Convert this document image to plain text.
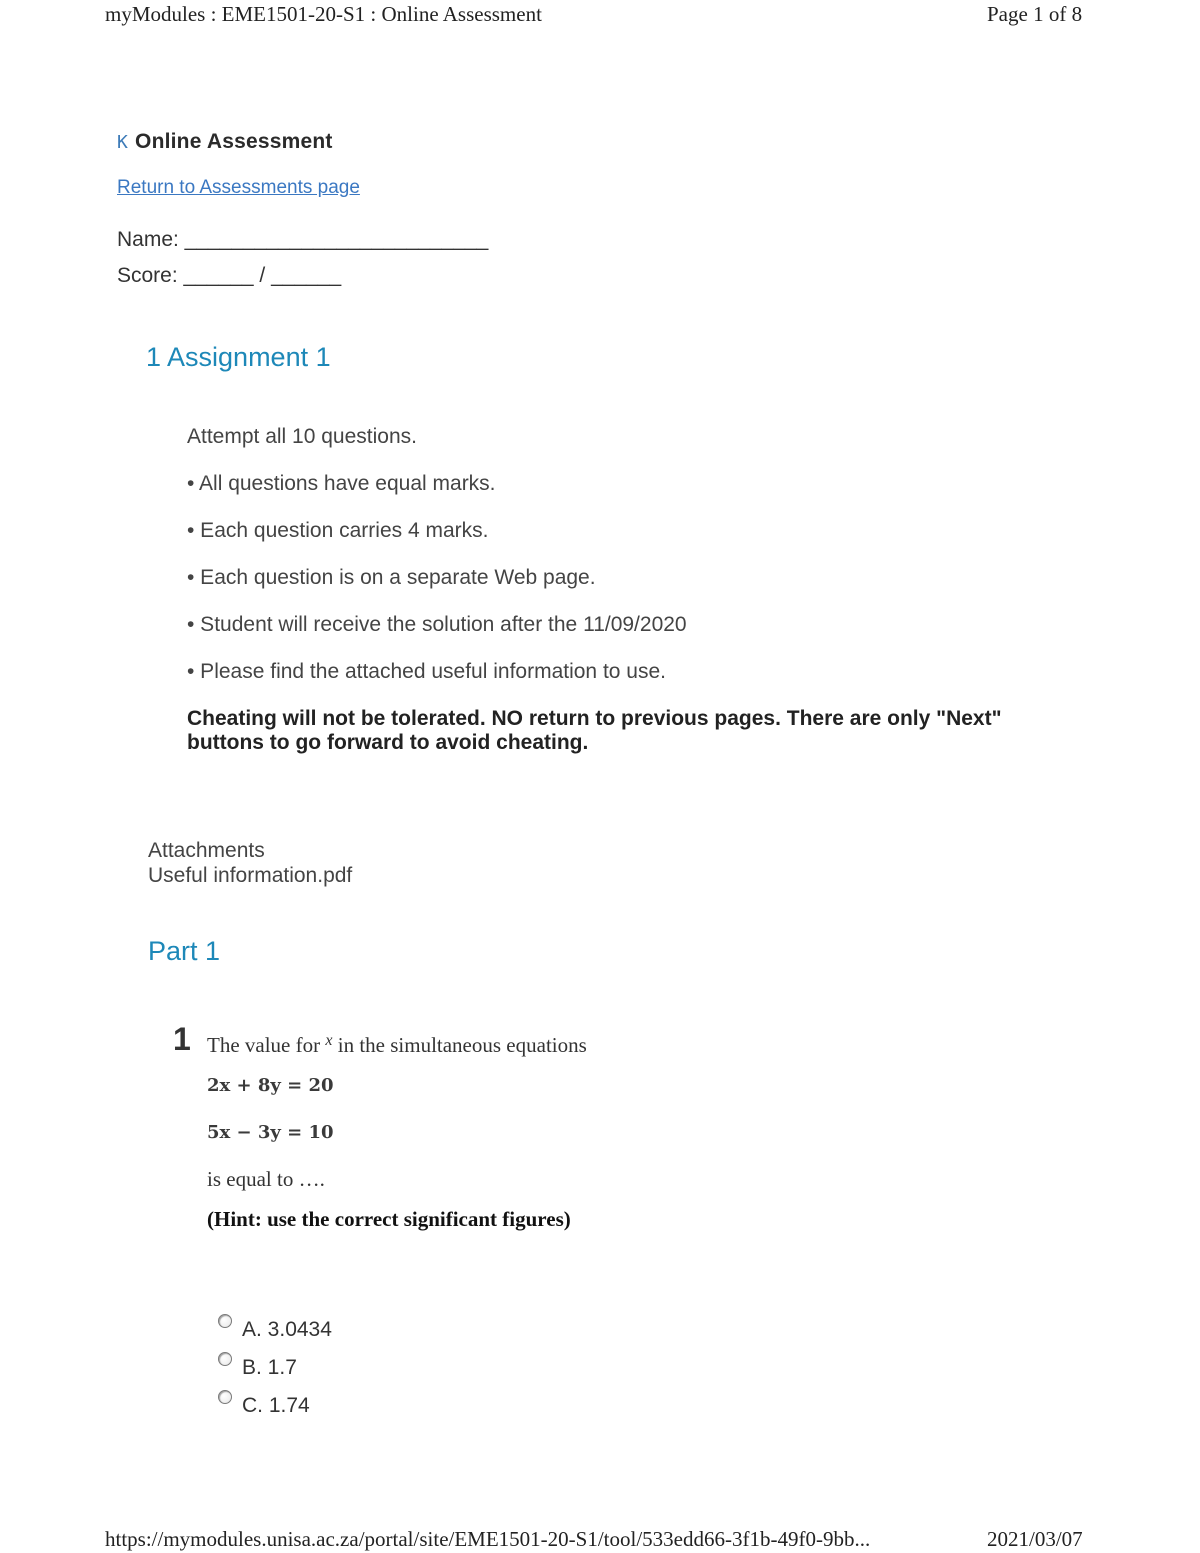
myModules : EME1501-20-S1 : Online Assessment	Page 1 of 8
K Online Assessment
Return to Assessments page
Name: __________________________
Score: ______ / ______
1 Assignment 1
Attempt all 10 questions.
• All questions have equal marks.
• Each question carries 4 marks.
• Each question is on a separate Web page.
• Student will receive the solution after the 11/09/2020
• Please find the attached useful information to use.
Cheating will not be tolerated. NO return to previous pages. There are only "Next" buttons to go forward to avoid cheating.
Attachments
Useful information.pdf
Part 1
1 The value for $^x$ in the simultaneous equations
2x + 8y = 20
5x − 3y = 10
is equal to ….
(Hint: use the correct significant figures)
A. 3.0434
B. 1.7
C. 1.74
https://mymodules.unisa.ac.za/portal/site/EME1501-20-S1/tool/533edd66-3f1b-49f0-9bb...	2021/03/07
